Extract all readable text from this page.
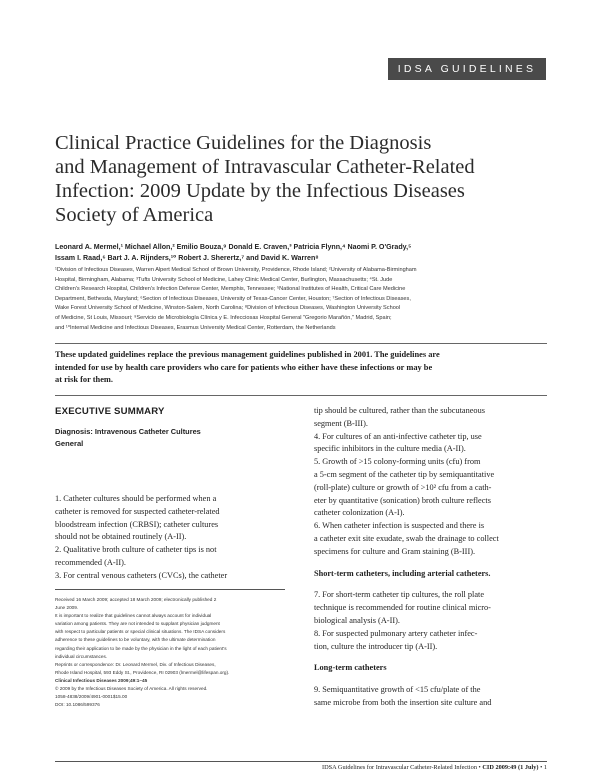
IDSA GUIDELINES
Clinical Practice Guidelines for the Diagnosis
and Management of Intravascular Catheter-Related
Infection: 2009 Update by the Infectious Diseases
Society of America
Leonard A. Mermel,¹ Michael Allon,² Emilio Bouza,⁹ Donald E. Craven,³ Patricia Flynn,⁴ Naomi P. O'Grady,⁵
Issam I. Raad,⁶ Bart J. A. Rijnders,¹⁰ Robert J. Sherertz,⁷ and David K. Warren⁸
¹Division of Infectious Diseases, Warren Alpert Medical School of Brown University, Providence, Rhode Island; ²University of Alabama-Birmingham
Hospital, Birmingham, Alabama; ³Tufts University School of Medicine, Lahey Clinic Medical Center, Burlington, Massachusetts; ⁴St. Jude
Children's Research Hospital, Children's Infection Defense Center, Memphis, Tennessee; ⁵National Institutes of Health, Critical Care Medicine
Department, Bethesda, Maryland; ⁶Section of Infectious Diseases, University of Texas-Cancer Center, Houston; ⁷Section of Infectious Diseases,
Wake Forest University School of Medicine, Winston-Salem, North Carolina; ⁸Division of Infectious Diseases, Washington University School
of Medicine, St Louis, Missouri; ⁹Servicio de Microbiología Clínica y E. Infecciosas Hospital General "Gregorio Marañón," Madrid, Spain;
and ¹⁰Internal Medicine and Infectious Diseases, Erasmus University Medical Center, Rotterdam, the Netherlands
These updated guidelines replace the previous management guidelines published in 2001. The guidelines are
intended for use by health care providers who care for patients who either have these infections or may be
at risk for them.
EXECUTIVE SUMMARY
Diagnosis: Intravenous Catheter Cultures
General
1. Catheter cultures should be performed when a
catheter is removed for suspected catheter-related
bloodstream infection (CRBSI); catheter cultures
should not be obtained routinely (A-II).
2. Qualitative broth culture of catheter tips is not
recommended (A-II).
3. For central venous catheters (CVCs), the catheter
tip should be cultured, rather than the subcutaneous
segment (B-III).
4. For cultures of an anti-infective catheter tip, use
specific inhibitors in the culture media (A-II).
5. Growth of >15 colony-forming units (cfu) from
a 5-cm segment of the catheter tip by semiquantitative
(roll-plate) culture or growth of >10² cfu from a cath-
eter by quantitative (sonication) broth culture reflects
catheter colonization (A-I).
6. When catheter infection is suspected and there is
a catheter exit site exudate, swab the drainage to collect
specimens for culture and Gram staining (B-III).
Short-term catheters, including arterial catheters.
7. For short-term catheter tip cultures, the roll plate
technique is recommended for routine clinical micro-
biological analysis (A-II).
8. For suspected pulmonary artery catheter infec-
tion, culture the introducer tip (A-II).
Long-term catheters
9. Semiquantitative growth of <15 cfu/plate of the
same microbe from both the insertion site culture and
Received 16 March 2009; accepted 18 March 2009; electronically published 2
June 2009.
It is important to realize that guidelines cannot always account for individual
variation among patients. They are not intended to supplant physician judgment
with respect to particular patients or special clinical situations. The IDSA considers
adherence to these guidelines to be voluntary, with the ultimate determination
regarding their application to be made by the physician in the light of each patient's
individual circumstances.
Reprints or correspondence: Dr. Leonard Mermel, Div. of Infectious Diseases,
Rhode Island Hospital, 593 Eddy St., Providence, RI 02903 (lmermel@lifespan.org).
Clinical Infectious Diseases 2009;49:1–45
© 2009 by the Infectious Diseases Society of America. All rights reserved.
1058-4838/2009/4901-0001$15.00
DOI: 10.1086/599376
IDSA Guidelines for Intravascular Catheter-Related Infection • CID 2009:49 (1 July) • 1
